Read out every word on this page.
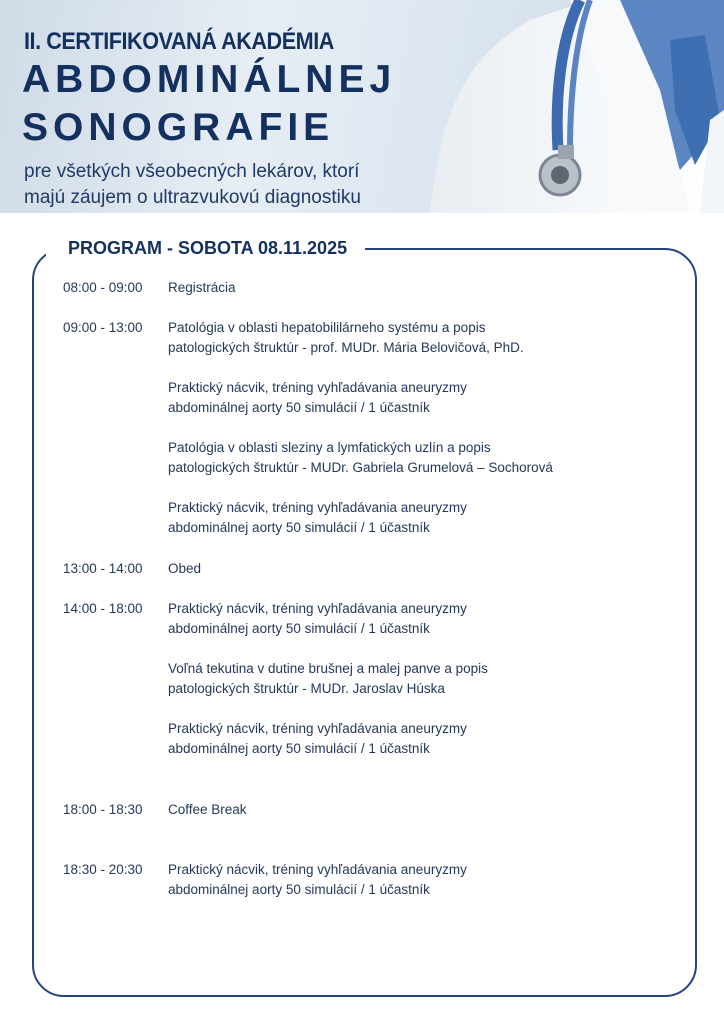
II. CERTIFIKOVANÁ AKADÉMIA
ABDOMINÁLNEJ
SONOGRAFIE
pre všetkých všeobecných lekárov, ktorí
majú záujem o ultrazvukovú diagnostiku
PROGRAM - SOBOTA 08.11.2025
08:00 - 09:00	Registrácia
09:00 - 13:00	Patológia v oblasti hepatobililárneho systému a popis
patologických štruktúr - prof. MUDr. Mária Belovičová, PhD.
Praktický nácvik, tréning vyhľadávania aneuryzmy
abdominálnej aorty 50 simulácií / 1 účastník
Patológia v oblasti sleziny a lymfatických uzlín a popis
patologických štruktúr - MUDr. Gabriela Grumelová – Sochorová
Praktický nácvik, tréning vyhľadávania aneuryzmy
abdominálnej aorty 50 simulácií / 1 účastník
13:00 - 14:00	Obed
14:00 - 18:00	Praktický nácvik, tréning vyhľadávania aneuryzmy
abdominálnej aorty 50 simulácií / 1 účastník
Voľná tekutina v dutine brušnej a malej panve a popis
patologických štruktúr - MUDr. Jaroslav Húska
Praktický nácvik, tréning vyhľadávania aneuryzmy
abdominálnej aorty 50 simulácií / 1 účastník
18:00 - 18:30	Coffee Break
18:30 - 20:30	Praktický nácvik, tréning vyhľadávania aneuryzmy
abdominálnej aorty 50 simulácií / 1 účastník
